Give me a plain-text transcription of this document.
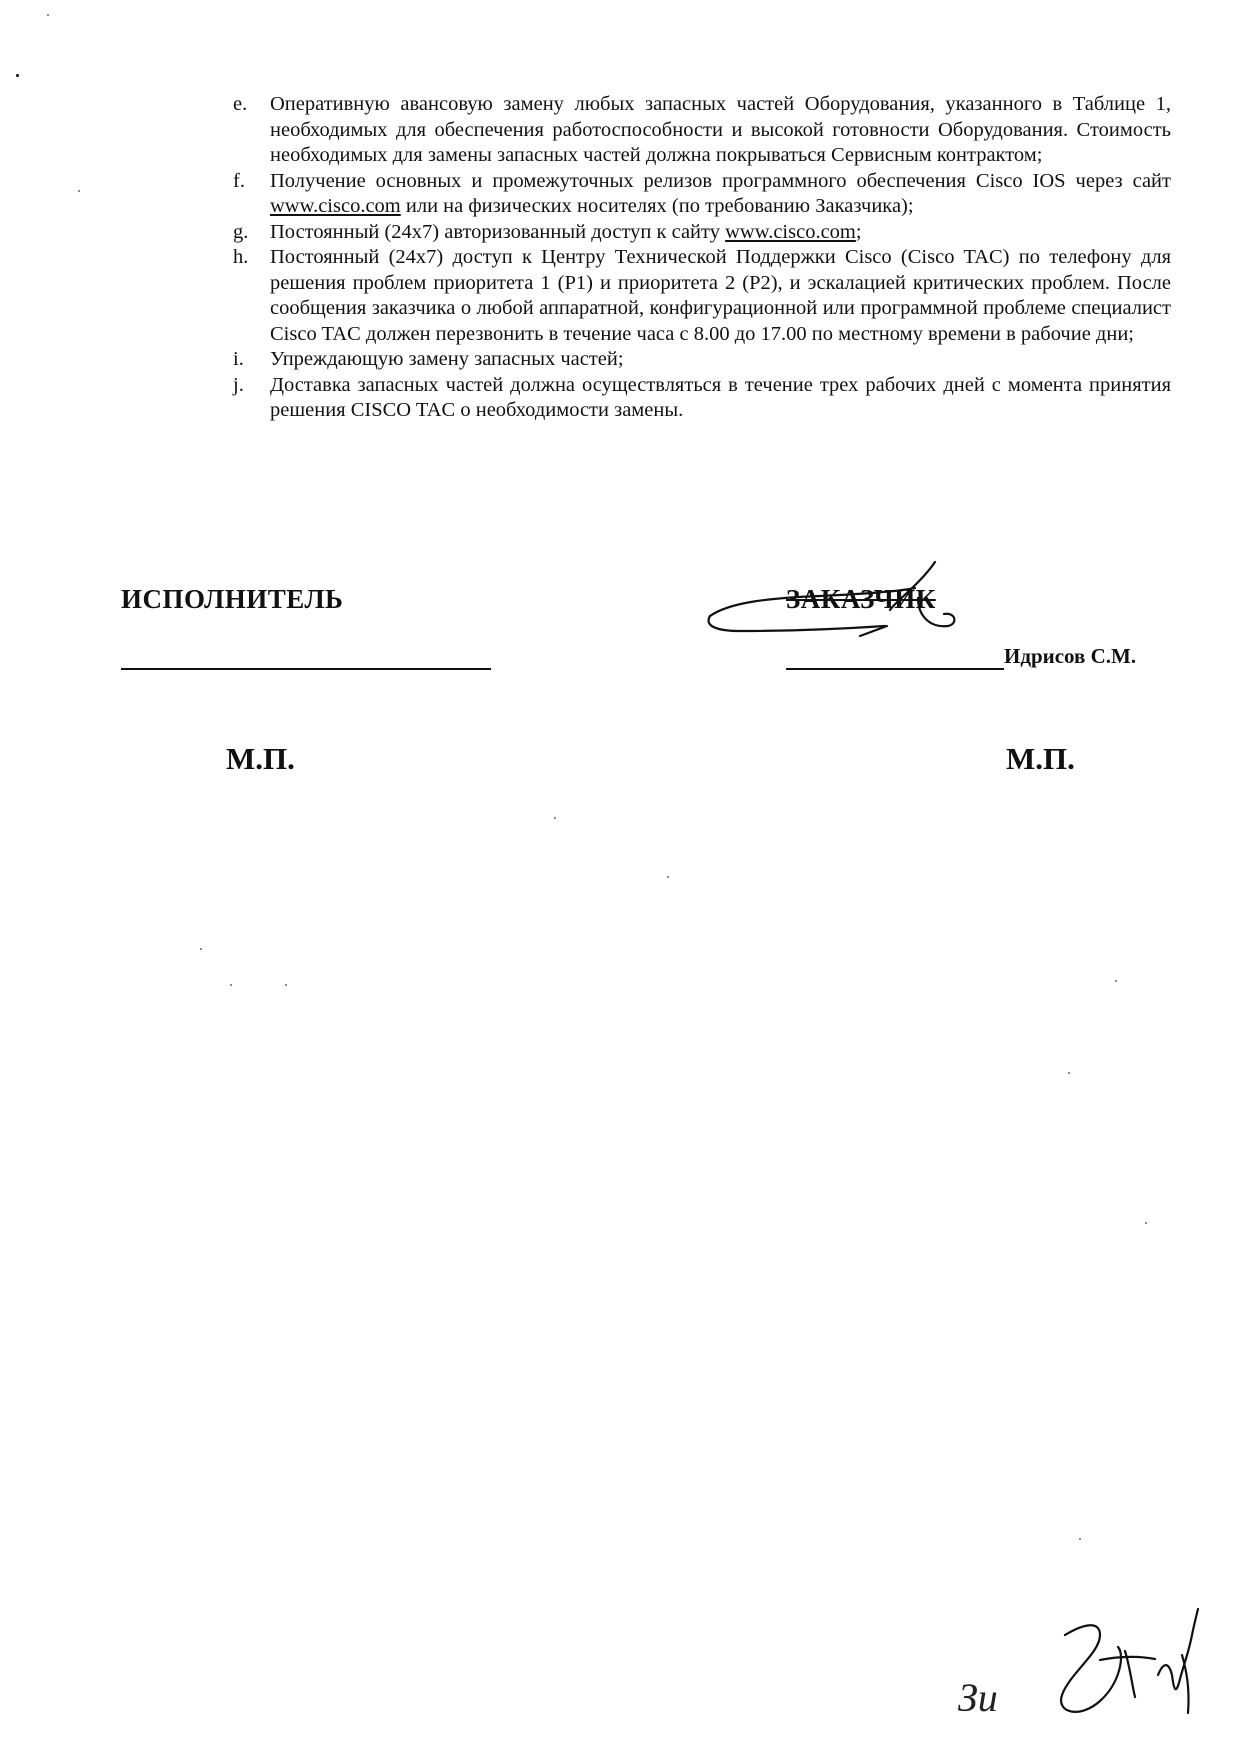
e. Оперативную авансовую замену любых запасных частей Оборудования, указанного в Таблице 1, необходимых для обеспечения работоспособности и высокой готовности Оборудования. Стоимость необходимых для замены запасных частей должна покрываться Сервисным контрактом;
f. Получение основных и промежуточных релизов программного обеспечения Cisco IOS через сайт www.cisco.com или на физических носителях (по требованию Заказчика);
g. Постоянный (24x7) авторизованный доступ к сайту www.cisco.com;
h. Постоянный (24x7) доступ к Центру Технической Поддержки Cisco (Cisco TAC) по телефону для решения проблем приоритета 1 (P1) и приоритета 2 (P2), и эскалацией критических проблем. После сообщения заказчика о любой аппаратной, конфигурационной или программной проблеме специалист Cisco TAC должен перезвонить в течение часа с 8.00 до 17.00 по местному времени в рабочие дни;
i. Упреждающую замену запасных частей;
j. Доставка запасных частей должна осуществляться в течение трех рабочих дней с момента принятия решения CISCO TAC о необходимости замены.
ИСПОЛНИТЕЛЬ
М.П.
ЗАКАЗЧИК
Идрисов С.М.
М.П.
Зи
